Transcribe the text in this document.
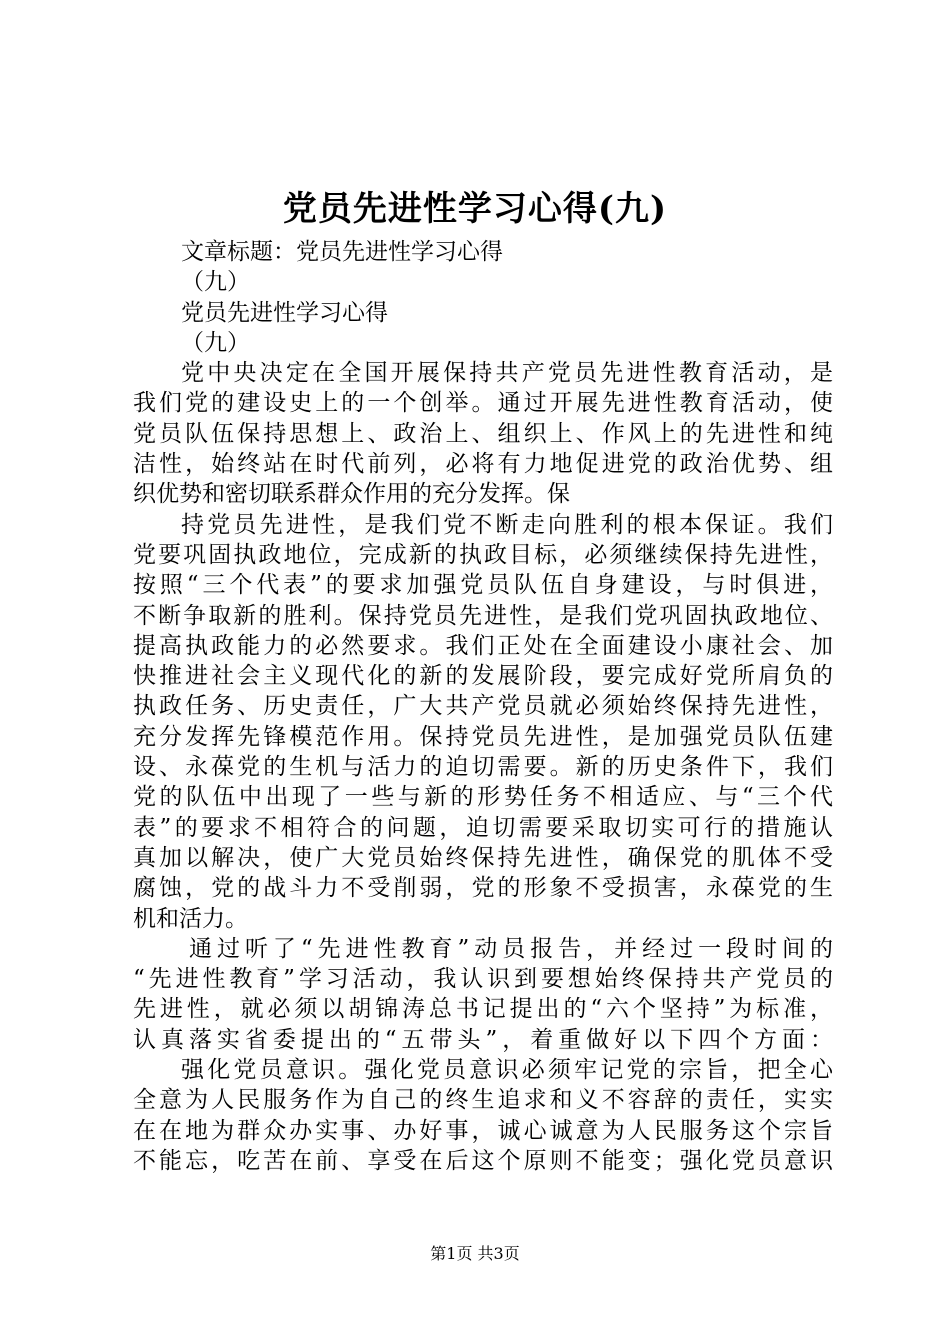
党员先进性学习心得(九)
文章标题：党员先进性学习心得
（九）
党员先进性学习心得
（九）
党中央决定在全国开展保持共产党员先进性教育活动，是
我们党的建设史上的一个创举。通过开展先进性教育活动，使
党员队伍保持思想上、政治上、组织上、作风上的先进性和纯
洁性，始终站在时代前列，必将有力地促进党的政治优势、组
织优势和密切联系群众作用的充分发挥。保
持党员先进性，是我们党不断走向胜利的根本保证。我们
党要巩固执政地位，完成新的执政目标，必须继续保持先进性，
按照“三个代表”的要求加强党员队伍自身建设，与时俱进，
不断争取新的胜利。保持党员先进性，是我们党巩固执政地位、
提高执政能力的必然要求。我们正处在全面建设小康社会、加
快推进社会主义现代化的新的发展阶段，要完成好党所肩负的
执政任务、历史责任，广大共产党员就必须始终保持先进性，
充分发挥先锋模范作用。保持党员先进性，是加强党员队伍建
设、永葆党的生机与活力的迫切需要。新的历史条件下，我们
党的队伍中出现了一些与新的形势任务不相适应、与“三个代
表”的要求不相符合的问题，迫切需要采取切实可行的措施认
真加以解决，使广大党员始终保持先进性，确保党的肌体不受
腐蚀，党的战斗力不受削弱，党的形象不受损害，永葆党的生
机和活力。
通过听了“先进性教育”动员报告，并经过一段时间的
“先进性教育”学习活动，我认识到要想始终保持共产党员的
先进性，就必须以胡锦涛总书记提出的“六个坚持”为标准，
认真落实省委提出的“五带头”，着重做好以下四个方面：
强化党员意识。强化党员意识必须牢记党的宗旨，把全心
全意为人民服务作为自己的终生追求和义不容辞的责任，实实
在在地为群众办实事、办好事，诚心诚意为人民服务这个宗旨
不能忘，吃苦在前、享受在后这个原则不能变；强化党员意识
第1页 共3页
